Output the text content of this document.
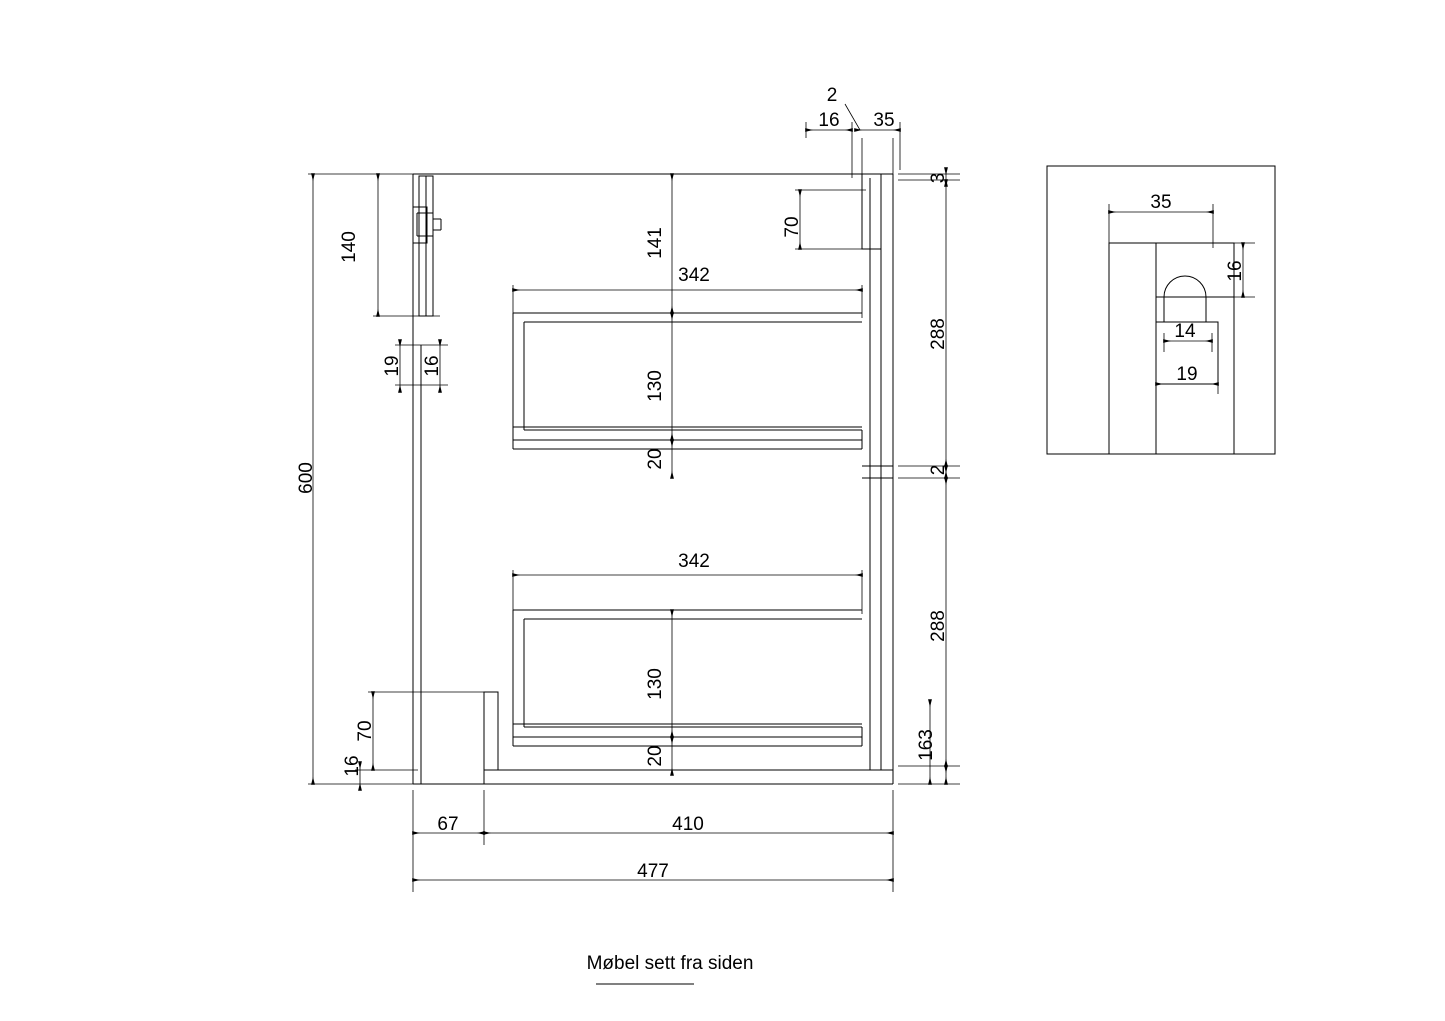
2
16 35
140
19 16
600
70
16
141
342
130
20
342
130
20
70
3
288
2
288
163
67	410
477
35
16
14
19
Møbel sett fra siden
